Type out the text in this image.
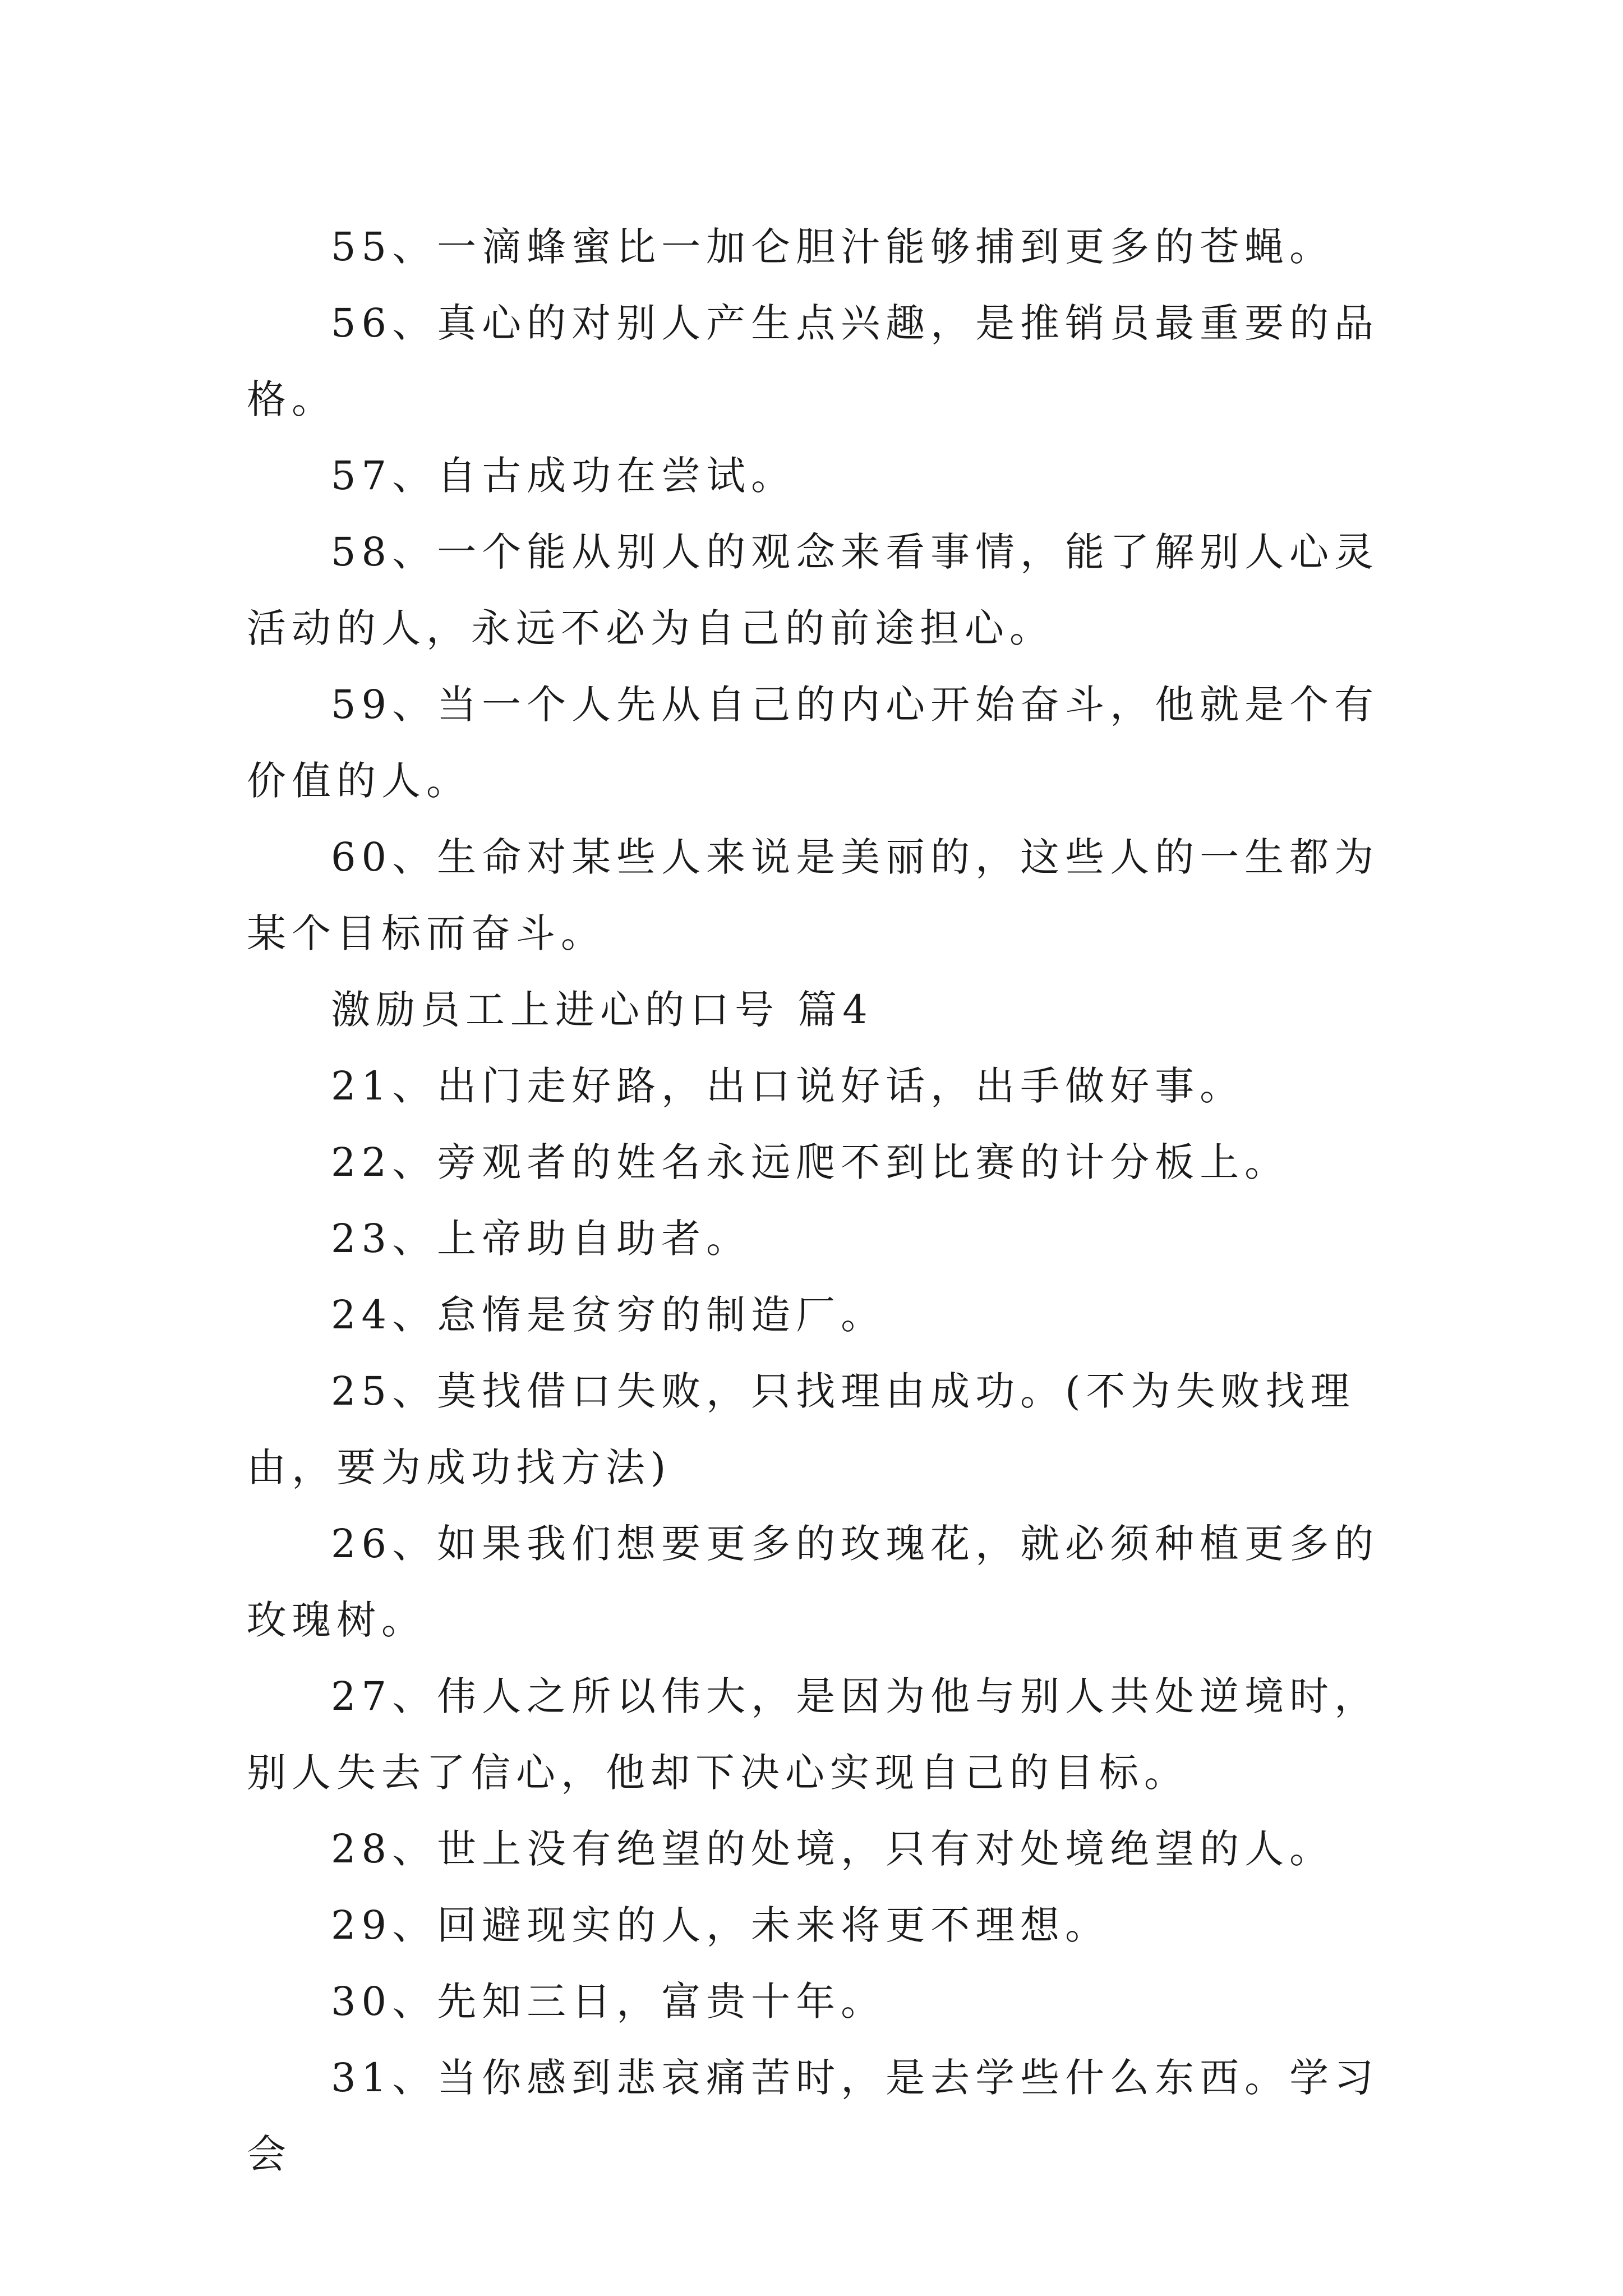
55、一滴蜂蜜比一加仑胆汁能够捕到更多的苍蝇。

56、真心的对别人产生点兴趣，是推销员最重要的品格。

57、自古成功在尝试。

58、一个能从别人的观念来看事情，能了解别人心灵活动的人，永远不必为自己的前途担心。

59、当一个人先从自己的内心开始奋斗，他就是个有价值的人。

60、生命对某些人来说是美丽的，这些人的一生都为某个目标而奋斗。

激励员工上进心的口号 篇4

21、出门走好路，出口说好话，出手做好事。

22、旁观者的姓名永远爬不到比赛的计分板上。

23、上帝助自助者。

24、怠惰是贫穷的制造厂。

25、莫找借口失败，只找理由成功。(不为失败找理由，要为成功找方法)

26、如果我们想要更多的玫瑰花，就必须种植更多的玫瑰树。

27、伟人之所以伟大，是因为他与别人共处逆境时，别人失去了信心，他却下决心实现自己的目标。

28、世上没有绝望的处境，只有对处境绝望的人。

29、回避现实的人，未来将更不理想。

30、先知三日，富贵十年。

31、当你感到悲哀痛苦时，是去学些什么东西。学习会
